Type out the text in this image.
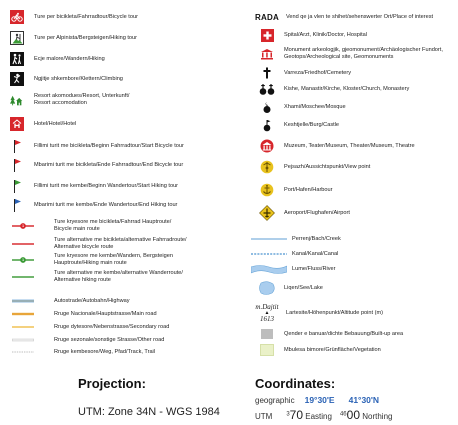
Ture per bicikleta/Fahrradtour/Bicycle tour
Ture per Alpinista/Bergsteigen/Hiking tour
Ecje malore/Wandern/Hiking
Ngjitje shkembore/Klettern/Climbing
Resort akomodues/Resort, Unterkunft/
Resort accomodation
Hotel/Hotel/Hotel
Fillimi turit me bicikleta/Beginn Fahrradtour/Start Bicycle tour
Mbarimi turit me bicikleta/Ende Fahrradtour/End Bicycle tour
Fillimi turit me kembe/Beginn Wandertour/Start Hiking tour
Mbarimi turit me kembe/Ende Wandertour/End Hiking tour
1
Ture kryesore me bicikleta/Fahrrad Hauptroute/
Bicycle main route
Ture alternative me bicikleta/alternative Fahrradroute/
Alternative bicycle route
1
Ture kryesore me kembe/Wandern, Bergsteigen
Hauptroute/Hiking main route
Ture alternative me kembe/alternative Wanderroute/
Alternative hiking route
Autostrade/Autobahn/Highway
Rruge Nacionale/Hauptstrasse/Main road
Rruge dytesore/Nebenstrasse/Secondary road
Rruge sezonale/sonstige Strasse/Other road
Rruge kembesore/Weg, Pfad/Track, Trail
RADA Vend qe ja vlen te shihet/sehenswerter Ort/Place of interest
Spital/Arzt, Klinik/Doctor, Hospital
Monument arkeologjik, gjeomonument/Archäologischer Fundort,
Geotops/Archeological site, Geomonuments
Varreza/Friedhof/Cemetery
Kishe, Manastir/Kirche, Kloster/Church, Monastery
Xhami/Moschee/Mosque
Keshtjelle/Burg/Castle
Muzeum, Teater/Museum, Theater/Museum, Theatre
Pejsazh/Aussichtspunkt/View point
Port/Hafen/Harbour
Aeroport/Flughafen/Airport
Perrenj/Bach/Creek
Kanal/Kanal/Canal
Lume/Fluss/River
Liqen/See/Lake
m.Dajtit
▲
1613
Lartesite/Höhenpunkt/Altitude point (m)
Qender e banuar/dichte Bebauung/Built-up area
Mbulesa bimore/Grünfläche/Vegetation
Projection:
UTM: Zone 34N - WGS 1984
Coordinates:
geographic 19°30'E 41°30'N
UTM $^3$70 Easting $^{46}$00 Northing
